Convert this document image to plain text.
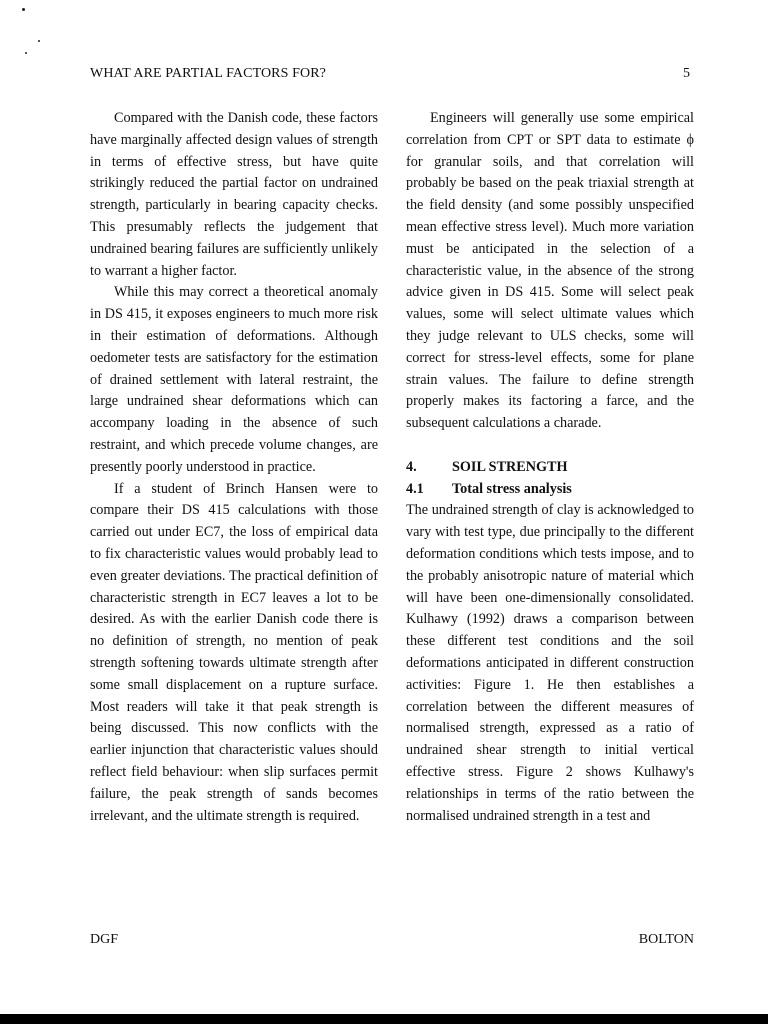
WHAT ARE PARTIAL FACTORS FOR?	5

Compared with the Danish code, these factors have marginally affected design values of strength in terms of effective stress, but have quite strikingly reduced the partial factor on undrained strength, particularly in bearing capacity checks. This presumably reflects the judgement that undrained bearing failures are sufficiently unlikely to warrant a higher factor.

While this may correct a theoretical anomaly in DS 415, it exposes engineers to much more risk in their estimation of deformations. Although oedometer tests are satisfactory for the estimation of drained settlement with lateral restraint, the large undrained shear deformations which can accompany loading in the absence of such restraint, and which precede volume changes, are presently poorly understood in practice.

If a student of Brinch Hansen were to compare their DS 415 calculations with those carried out under EC7, the loss of empirical data to fix characteristic values would probably lead to even greater deviations. The practical definition of characteristic strength in EC7 leaves a lot to be desired. As with the earlier Danish code there is no definition of strength, no mention of peak strength softening towards ultimate strength after some small displacement on a rupture surface. Most readers will take it that peak strength is being discussed. This now conflicts with the earlier injunction that characteristic values should reflect field behaviour: when slip surfaces permit failure, the peak strength of sands becomes irrelevant, and the ultimate strength is required.

Engineers will generally use some empirical correlation from CPT or SPT data to estimate ϕ for granular soils, and that correlation will probably be based on the peak triaxial strength at the field density (and some possibly unspecified mean effective stress level). Much more variation must be anticipated in the selection of a characteristic value, in the absence of the strong advice given in DS 415. Some will select peak values, some will select ultimate values which they judge relevant to ULS checks, some will correct for stress-level effects, some for plane strain values. The failure to define strength properly makes its factoring a farce, and the subsequent calculations a charade.

4.	SOIL STRENGTH
4.1	Total stress analysis

The undrained strength of clay is acknowledged to vary with test type, due principally to the different deformation conditions which tests impose, and to the probably anisotropic nature of material which will have been one-dimensionally consolidated. Kulhawy (1992) draws a comparison between these different test conditions and the soil deformations anticipated in different construction activities: Figure 1. He then establishes a correlation between the different measures of normalised strength, expressed as a ratio of undrained shear strength to initial vertical effective stress. Figure 2 shows Kulhawy's relationships in terms of the ratio between the normalised undrained strength in a test and

DGF	BOLTON
